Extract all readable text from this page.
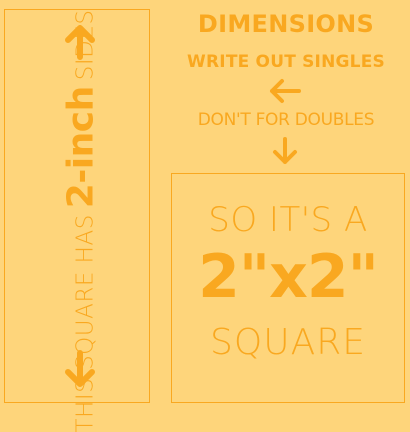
THIS SQUARE HAS
2-inch
SIDES	DIMENSIONS
WRITE OUT SINGLES
DON'T FOR DOUBLES
SO IT'S A
2"x2"
SQUARE
